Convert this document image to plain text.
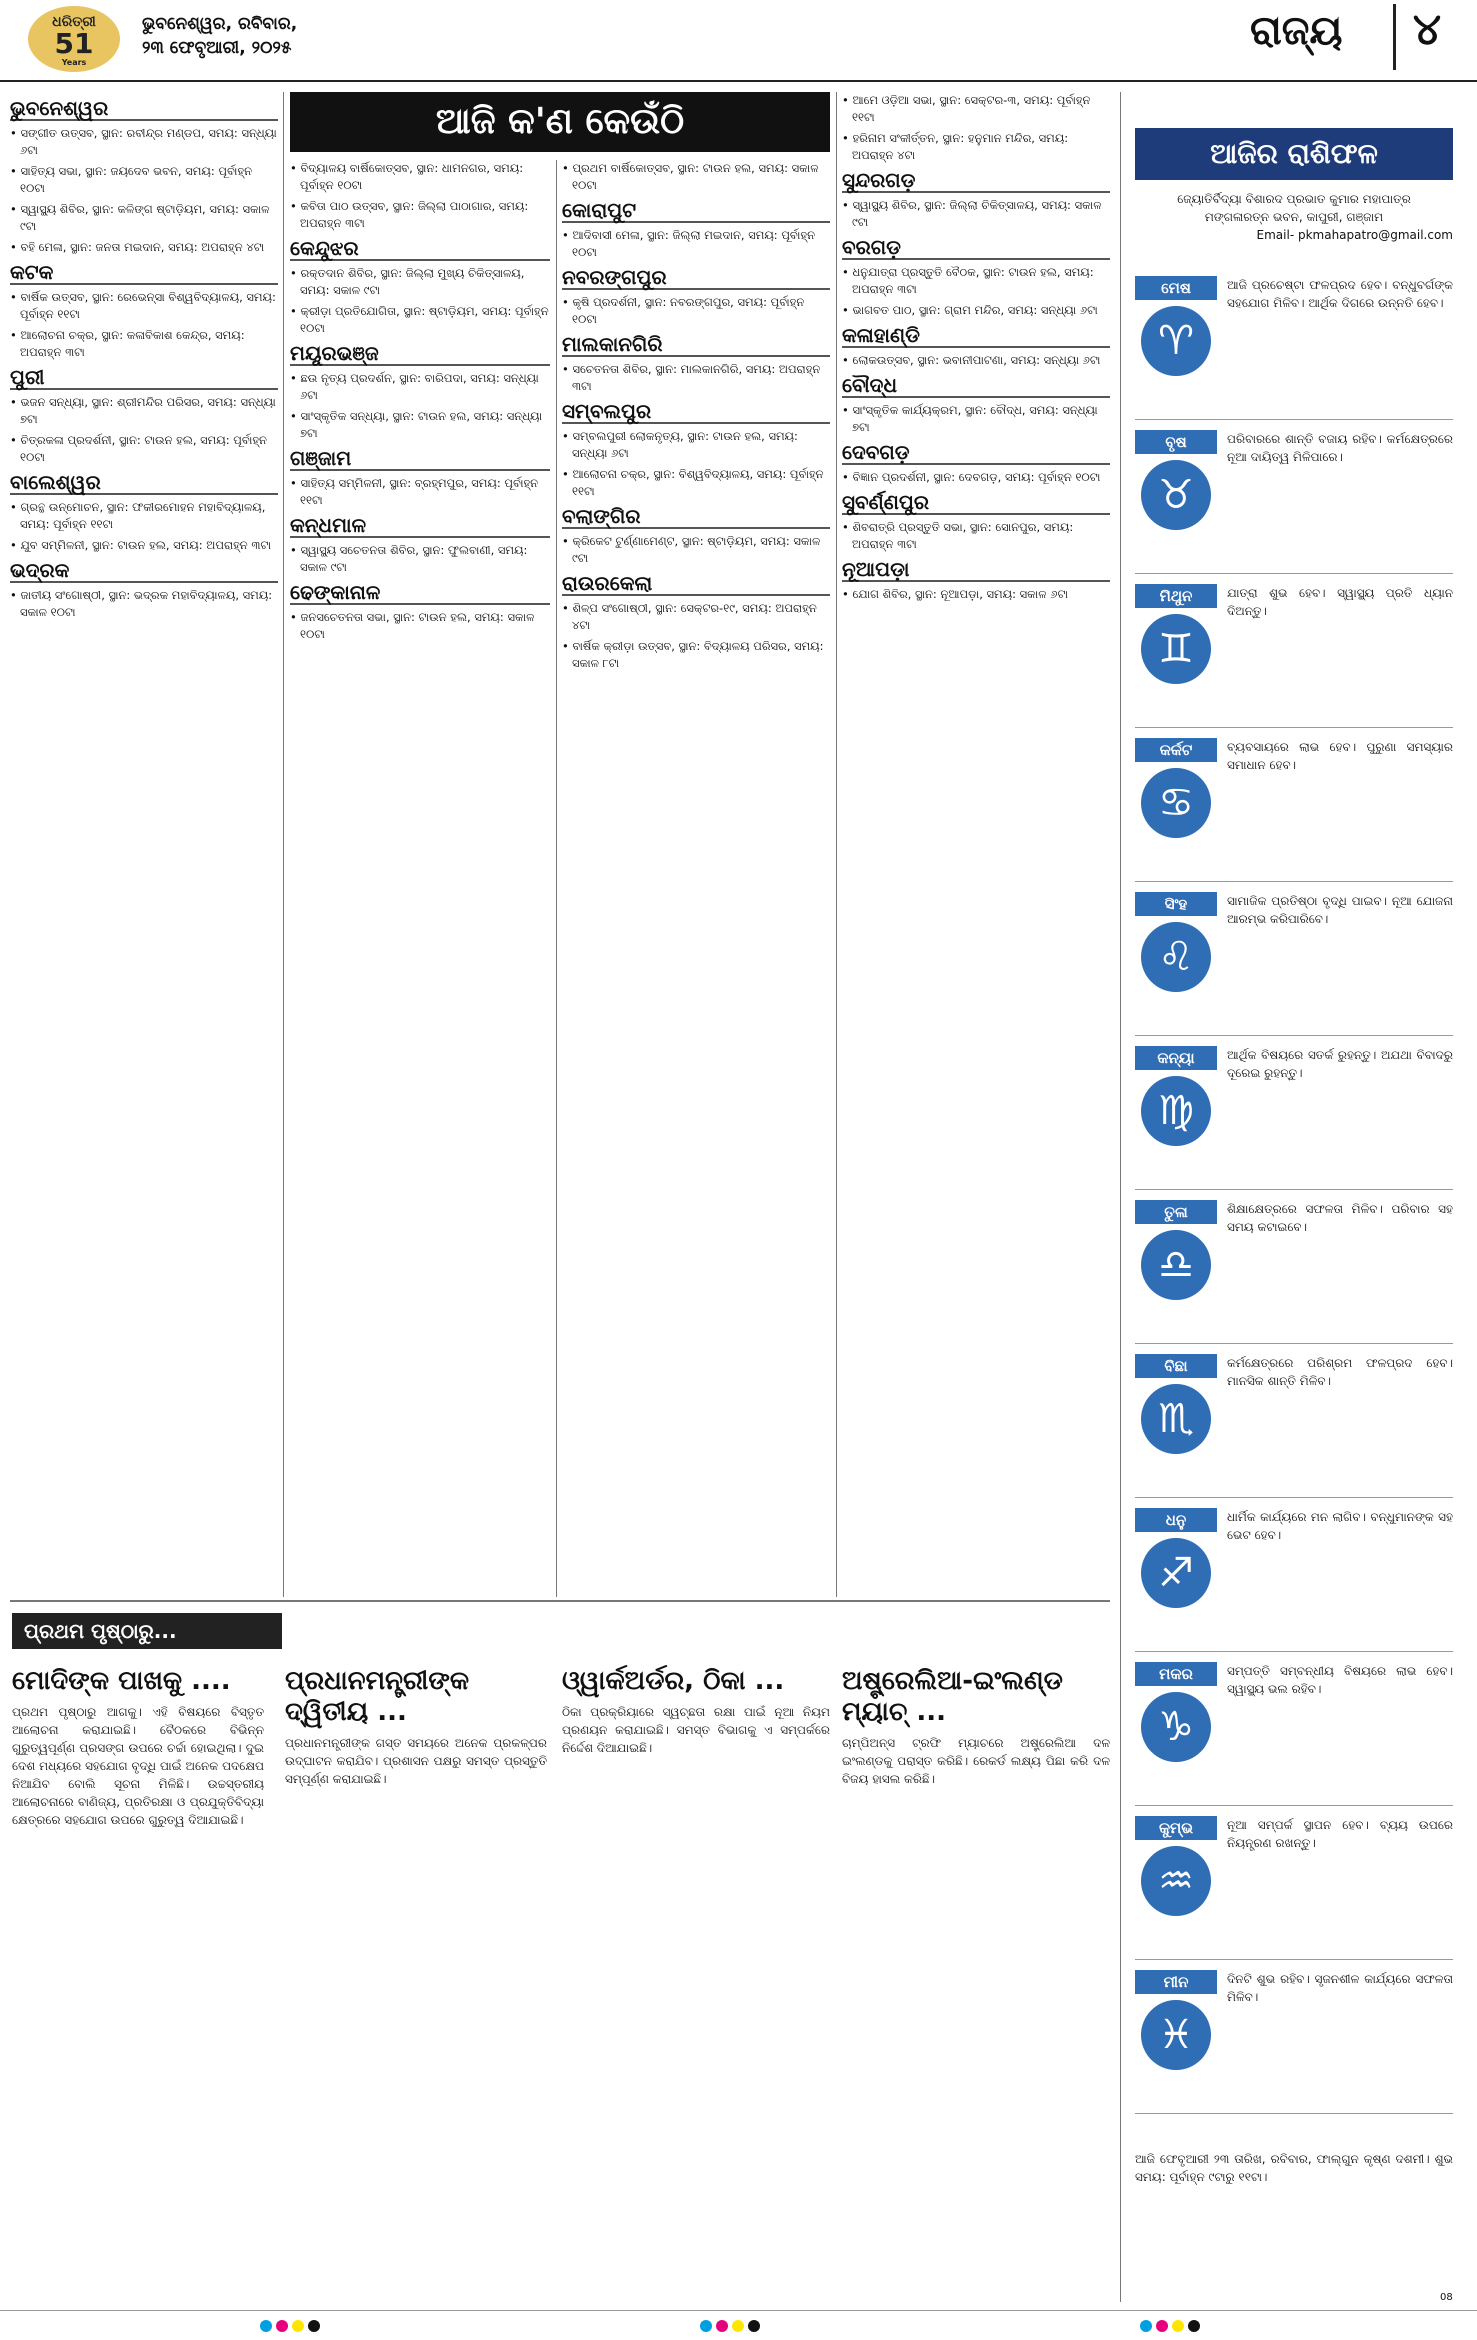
ଧରିତ୍ରୀ
51
Years
ଭୁବନେଶ୍ୱର, ରବିବାର,
୨୩ ଫେବୃଆରୀ, ୨୦୨୫	ରାଜ୍ୟ	୪
ଆଜି କ'ଣ କେଉଁଠି
ଭୁବନେଶ୍ୱର
• ସଙ୍ଗୀତ ଉତ୍ସବ, ସ୍ଥାନ: ରବୀନ୍ଦ୍ର ମଣ୍ଡପ, ସମୟ: ସନ୍ଧ୍ୟା ୬ଟା
• ସାହିତ୍ୟ ସଭା, ସ୍ଥାନ: ଜୟଦେବ ଭବନ, ସମୟ: ପୂର୍ବାହ୍ନ ୧୦ଟା
• ସ୍ୱାସ୍ଥ୍ୟ ଶିବିର, ସ୍ଥାନ: କଳିଙ୍ଗ ଷ୍ଟାଡ଼ିୟମ, ସମୟ: ସକାଳ ୯ଟା
• ବହି ମେଳା, ସ୍ଥାନ: ଜନତା ମଇଦାନ, ସମୟ: ଅପରାହ୍ନ ୪ଟା
କଟକ
• ବାର୍ଷିକ ଉତ୍ସବ, ସ୍ଥାନ: ରେଭେନ୍ସା ବିଶ୍ୱବିଦ୍ୟାଳୟ, ସମୟ: ପୂର୍ବାହ୍ନ ୧୧ଟା
• ଆଲୋଚନା ଚକ୍ର, ସ୍ଥାନ: କଳାବିକାଶ କେନ୍ଦ୍ର, ସମୟ: ଅପରାହ୍ନ ୩ଟା
ପୁରୀ
• ଭଜନ ସନ୍ଧ୍ୟା, ସ୍ଥାନ: ଶ୍ରୀମନ୍ଦିର ପରିସର, ସମୟ: ସନ୍ଧ୍ୟା ୭ଟା
• ଚିତ୍ରକଳା ପ୍ରଦର୍ଶନୀ, ସ୍ଥାନ: ଟାଉନ ହଲ, ସମୟ: ପୂର୍ବାହ୍ନ ୧୦ଟା
ବାଲେଶ୍ୱର
• ଗ୍ରନ୍ଥ ଉନ୍ମୋଚନ, ସ୍ଥାନ: ଫକୀରମୋହନ ମହାବିଦ୍ୟାଳୟ, ସମୟ: ପୂର୍ବାହ୍ନ ୧୧ଟା
• ଯୁବ ସମ୍ମିଳନୀ, ସ୍ଥାନ: ଟାଉନ ହଲ, ସମୟ: ଅପରାହ୍ନ ୩ଟା
ଭଦ୍ରକ
• ଜାତୀୟ ସଂଗୋଷ୍ଠୀ, ସ୍ଥାନ: ଭଦ୍ରକ ମହାବିଦ୍ୟାଳୟ, ସମୟ: ସକାଳ ୧୦ଟା
• ବିଦ୍ୟାଳୟ ବାର୍ଷିକୋତ୍ସବ, ସ୍ଥାନ: ଧାମନଗର, ସମୟ: ପୂର୍ବାହ୍ନ ୧୦ଟା
• କବିତା ପାଠ ଉତ୍ସବ, ସ୍ଥାନ: ଜିଲ୍ଲା ପାଠାଗାର, ସମୟ: ଅପରାହ୍ନ ୩ଟା
କେନ୍ଦୁଝର
• ରକ୍ତଦାନ ଶିବିର, ସ୍ଥାନ: ଜିଲ୍ଲା ମୁଖ୍ୟ ଚିକିତ୍ସାଳୟ, ସମୟ: ସକାଳ ୯ଟା
• କ୍ରୀଡ଼ା ପ୍ରତିଯୋଗିତା, ସ୍ଥାନ: ଷ୍ଟାଡ଼ିୟମ, ସମୟ: ପୂର୍ବାହ୍ନ ୧୦ଟା
ମୟୂରଭଞ୍ଜ
• ଛଉ ନୃତ୍ୟ ପ୍ରଦର୍ଶନ, ସ୍ଥାନ: ବାରିପଦା, ସମୟ: ସନ୍ଧ୍ୟା ୬ଟା
• ସାଂସ୍କୃତିକ ସନ୍ଧ୍ୟା, ସ୍ଥାନ: ଟାଉନ ହଲ, ସମୟ: ସନ୍ଧ୍ୟା ୭ଟା
ଗଞ୍ଜାମ
• ସାହିତ୍ୟ ସମ୍ମିଳନୀ, ସ୍ଥାନ: ବ୍ରହ୍ମପୁର, ସମୟ: ପୂର୍ବାହ୍ନ ୧୧ଟା
କନ୍ଧମାଳ
• ସ୍ୱାସ୍ଥ୍ୟ ସଚେତନତା ଶିବିର, ସ୍ଥାନ: ଫୁଲବାଣୀ, ସମୟ: ସକାଳ ୯ଟା
ଢେଙ୍କାନାଳ
• ଜନସଚେତନତା ସଭା, ସ୍ଥାନ: ଟାଉନ ହଲ, ସମୟ: ସକାଳ ୧୦ଟା
• ପ୍ରଥମ ବାର୍ଷିକୋତ୍ସବ, ସ୍ଥାନ: ଟାଉନ ହଲ, ସମୟ: ସକାଳ ୧୦ଟା
କୋରାପୁଟ
• ଆଦିବାସୀ ମେଳା, ସ୍ଥାନ: ଜିଲ୍ଲା ମଇଦାନ, ସମୟ: ପୂର୍ବାହ୍ନ ୧୦ଟା
ନବରଙ୍ଗପୁର
• କୃଷି ପ୍ରଦର୍ଶନୀ, ସ୍ଥାନ: ନବରଙ୍ଗପୁର, ସମୟ: ପୂର୍ବାହ୍ନ ୧୦ଟା
ମାଲକାନଗିରି
• ସଚେତନତା ଶିବିର, ସ୍ଥାନ: ମାଲକାନଗିରି, ସମୟ: ଅପରାହ୍ନ ୩ଟା
ସମ୍ବଲପୁର
• ସମ୍ବଲପୁରୀ ଲୋକନୃତ୍ୟ, ସ୍ଥାନ: ଟାଉନ ହଲ, ସମୟ: ସନ୍ଧ୍ୟା ୬ଟା
• ଆଲୋଚନା ଚକ୍ର, ସ୍ଥାନ: ବିଶ୍ୱବିଦ୍ୟାଳୟ, ସମୟ: ପୂର୍ବାହ୍ନ ୧୧ଟା
ବଲାଙ୍ଗିର
• କ୍ରିକେଟ ଟୁର୍ଣ୍ଣାମେଣ୍ଟ, ସ୍ଥାନ: ଷ୍ଟାଡ଼ିୟମ, ସମୟ: ସକାଳ ୯ଟା
ରାଉରକେଲା
• ଶିଳ୍ପ ସଂଗୋଷ୍ଠୀ, ସ୍ଥାନ: ସେକ୍ଟର-୧୯, ସମୟ: ଅପରାହ୍ନ ୪ଟା
• ବାର୍ଷିକ କ୍ରୀଡ଼ା ଉତ୍ସବ, ସ୍ଥାନ: ବିଦ୍ୟାଳୟ ପରିସର, ସମୟ: ସକାଳ ୮ଟା
• ଆମେ ଓଡ଼ିଆ ସଭା, ସ୍ଥାନ: ସେକ୍ଟର-୩, ସମୟ: ପୂର୍ବାହ୍ନ ୧୧ଟା
• ହରିନାମ ସଂକୀର୍ତ୍ତନ, ସ୍ଥାନ: ହନୁମାନ ମନ୍ଦିର, ସମୟ: ଅପରାହ୍ନ ୪ଟା
ସୁନ୍ଦରଗଡ଼
• ସ୍ୱାସ୍ଥ୍ୟ ଶିବିର, ସ୍ଥାନ: ଜିଲ୍ଲା ଚିକିତ୍ସାଳୟ, ସମୟ: ସକାଳ ୯ଟା
ବରଗଡ଼
• ଧନୁଯାତ୍ରା ପ୍ରସ୍ତୁତି ବୈଠକ, ସ୍ଥାନ: ଟାଉନ ହଲ, ସମୟ: ଅପରାହ୍ନ ୩ଟା
• ଭାଗବତ ପାଠ, ସ୍ଥାନ: ଗ୍ରାମ ମନ୍ଦିର, ସମୟ: ସନ୍ଧ୍ୟା ୬ଟା
କଳାହାଣ୍ଡି
• ଲୋକଉତ୍ସବ, ସ୍ଥାନ: ଭବାନୀପାଟଣା, ସମୟ: ସନ୍ଧ୍ୟା ୬ଟା
ବୌଦ୍ଧ
• ସାଂସ୍କୃତିକ କାର୍ଯ୍ୟକ୍ରମ, ସ୍ଥାନ: ବୌଦ୍ଧ, ସମୟ: ସନ୍ଧ୍ୟା ୭ଟା
ଦେବଗଡ଼
• ବିଜ୍ଞାନ ପ୍ରଦର୍ଶନୀ, ସ୍ଥାନ: ଦେବଗଡ଼, ସମୟ: ପୂର୍ବାହ୍ନ ୧୦ଟା
ସୁବର୍ଣ୍ଣପୁର
• ଶିବରାତ୍ରି ପ୍ରସ୍ତୁତି ସଭା, ସ୍ଥାନ: ସୋନପୁର, ସମୟ: ଅପରାହ୍ନ ୩ଟା
ନୂଆପଡ଼ା
• ଯୋଗ ଶିବିର, ସ୍ଥାନ: ନୂଆପଡ଼ା, ସମୟ: ସକାଳ ୬ଟା
ଆଜିର ରାଶିଫଳ
ଜ୍ୟୋତିର୍ବିଦ୍ୟା ବିଶାରଦ ପ୍ରଭାତ କୁମାର ମହାପାତ୍ର
ମଙ୍ଗଳାରତ୍ନ ଭବନ, କାପୁରୀ, ଗଞ୍ଜାମ
Email- pkmahapatro@gmail.com
ମେଷ
♈
ଆଜି ପ୍ରଚେଷ୍ଟା ଫଳପ୍ରଦ ହେବ। ବନ୍ଧୁବର୍ଗଙ୍କ ସହଯୋଗ ମିଳିବ। ଆର୍ଥିକ ଦିଗରେ ଉନ୍ନତି ହେବ।
ବୃଷ
♉
ପରିବାରରେ ଶାନ୍ତି ବଜାୟ ରହିବ। କର୍ମକ୍ଷେତ୍ରରେ ନୂଆ ଦାୟିତ୍ୱ ମିଳିପାରେ।
ମିଥୁନ
♊
ଯାତ୍ରା ଶୁଭ ହେବ। ସ୍ୱାସ୍ଥ୍ୟ ପ୍ରତି ଧ୍ୟାନ ଦିଅନ୍ତୁ।
କର୍କଟ
♋
ବ୍ୟବସାୟରେ ଲାଭ ହେବ। ପୁରୁଣା ସମସ୍ୟାର ସମାଧାନ ହେବ।
ସିଂହ
♌
ସାମାଜିକ ପ୍ରତିଷ୍ଠା ବୃଦ୍ଧି ପାଇବ। ନୂଆ ଯୋଜନା ଆରମ୍ଭ କରିପାରିବେ।
କନ୍ୟା
♍
ଆର୍ଥିକ ବିଷୟରେ ସତର୍କ ରୁହନ୍ତୁ। ଅଯଥା ବିବାଦରୁ ଦୂରେଇ ରୁହନ୍ତୁ।
ତୁଳା
♎
ଶିକ୍ଷାକ୍ଷେତ୍ରରେ ସଫଳତା ମିଳିବ। ପରିବାର ସହ ସମୟ କଟାଇବେ।
ବିଛା
♏
କର୍ମକ୍ଷେତ୍ରରେ ପରିଶ୍ରମ ଫଳପ୍ରଦ ହେବ। ମାନସିକ ଶାନ୍ତି ମିଳିବ।
ଧନୁ
♐
ଧାର୍ମିକ କାର୍ଯ୍ୟରେ ମନ ଲାଗିବ। ବନ୍ଧୁମାନଙ୍କ ସହ ଭେଟ ହେବ।
ମକର
♑
ସମ୍ପତ୍ତି ସମ୍ବନ୍ଧୀୟ ବିଷୟରେ ଲାଭ ହେବ। ସ୍ୱାସ୍ଥ୍ୟ ଭଲ ରହିବ।
କୁମ୍ଭ
♒
ନୂଆ ସମ୍ପର୍କ ସ୍ଥାପନ ହେବ। ବ୍ୟୟ ଉପରେ ନିୟନ୍ତ୍ରଣ ରଖନ୍ତୁ।
ମୀନ
♓
ଦିନଟି ଶୁଭ ରହିବ। ସୃଜନଶୀଳ କାର୍ଯ୍ୟରେ ସଫଳତା ମିଳିବ।
ଆଜି ଫେବୃଆରୀ ୨୩ ତାରିଖ, ରବିବାର, ଫାଲ୍ଗୁନ କୃଷ୍ଣ ଦଶମୀ। ଶୁଭ ସମୟ: ପୂର୍ବାହ୍ନ ୯ଟାରୁ ୧୧ଟା।
ପ୍ରଥମ ପୃଷ୍ଠାରୁ...
ମୋଦିଙ୍କ ପାଖକୁ ....
ପ୍ରଥମ ପୃଷ୍ଠାରୁ ଆଗକୁ। ଏହି ବିଷୟରେ ବିସ୍ତୃତ ଆଲୋଚନା କରାଯାଇଛି। ବୈଠକରେ ବିଭିନ୍ନ ଗୁରୁତ୍ୱପୂର୍ଣ୍ଣ ପ୍ରସଙ୍ଗ ଉପରେ ଚର୍ଚ୍ଚା ହୋଇଥିଲା। ଦୁଇ ଦେଶ ମଧ୍ୟରେ ସହଯୋଗ ବୃଦ୍ଧି ପାଇଁ ଅନେକ ପଦକ୍ଷେପ ନିଆଯିବ ବୋଲି ସୂଚନା ମିଳିଛି। ଉଚ୍ଚସ୍ତରୀୟ ଆଲୋଚନାରେ ବାଣିଜ୍ୟ, ପ୍ରତିରକ୍ଷା ଓ ପ୍ରଯୁକ୍ତିବିଦ୍ୟା କ୍ଷେତ୍ରରେ ସହଯୋଗ ଉପରେ ଗୁରୁତ୍ୱ ଦିଆଯାଇଛି।
ପ୍ରଧାନମନ୍ତ୍ରୀଙ୍କ ଦ୍ୱିତୀୟ ...
ପ୍ରଧାନମନ୍ତ୍ରୀଙ୍କ ଗସ୍ତ ସମୟରେ ଅନେକ ପ୍ରକଳ୍ପର ଉଦ୍‌ଘାଟନ କରାଯିବ। ପ୍ରଶାସନ ପକ୍ଷରୁ ସମସ୍ତ ପ୍ରସ୍ତୁତି ସମ୍ପୂର୍ଣ୍ଣ କରାଯାଇଛି।
ଓ୍ୱାର୍କଅର୍ଡର, ଠିକା ...
ଠିକା ପ୍ରକ୍ରିୟାରେ ସ୍ୱଚ୍ଛତା ରକ୍ଷା ପାଇଁ ନୂଆ ନିୟମ ପ୍ରଣୟନ କରାଯାଇଛି। ସମସ୍ତ ବିଭାଗକୁ ଏ ସମ୍ପର୍କରେ ନିର୍ଦ୍ଦେଶ ଦିଆଯାଇଛି।
ଅଷ୍ଟ୍ରେଲିଆ-ଇଂଲଣ୍ଡ ମ୍ୟାଚ୍ ...
ଚାମ୍ପିଅନ୍ସ ଟ୍ରଫି ମ୍ୟାଚରେ ଅଷ୍ଟ୍ରେଲିଆ ଦଳ ଇଂଲଣ୍ଡକୁ ପରାସ୍ତ କରିଛି। ରେକର୍ଡ ଲକ୍ଷ୍ୟ ପିଛା କରି ଦଳ ବିଜୟ ହାସଲ କରିଛି।
08
